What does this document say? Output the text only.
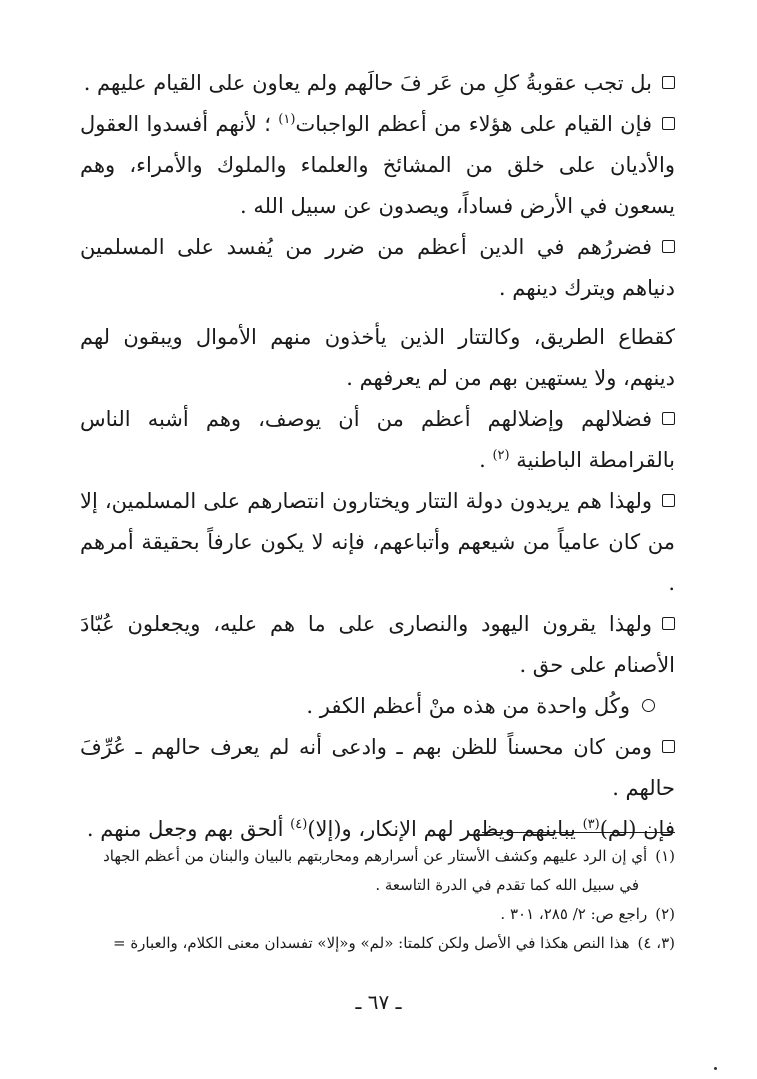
بل تجب عقوبةُ كلِ من عَر فَ حالَهم ولم يعاون على القيام عليهم .

فإن القيام على هؤلاء من أعظم الواجبات$^{(١)}$ ؛ لأنهم أفسدوا العقول والأديان على خلق من المشائخ والعلماء والملوك والأمراء، وهم يسعون في الأرض فساداً، ويصدون عن سبيل الله .

فضررُهم في الدين أعظم من ضرر من يُفسد على المسلمين دنياهم ويترك دينهم .

كقطاع الطريق، وكالتتار الذين يأخذون منهم الأموال ويبقون لهم دينهم، ولا يستهين بهم من لم يعرفهم .

فضلالهم وإضلالهم أعظم من أن يوصف، وهم أشبه الناس بالقرامطة الباطنية $^{(٢)}$ .

ولهذا هم يريدون دولة التتار ويختارون انتصارهم على المسلمين، إلا من كان عامياً من شيعهم وأتباعهم، فإنه لا يكون عارفاً بحقيقة أمرهم .

ولهذا يقرون اليهود والنصارى على ما هم عليه، ويجعلون عُبّادَ الأصنام على حق .

وكُل واحدة من هذه منْ أعظم الكفر .

ومن كان محسناً للظن بهم ـ وادعى أنه لم يعرف حالهم ـ عُرِّفَ حالهم .

فإن (لم)$^{(٣)}$ يباينهم ويظهر لهم الإنكار، و(إلا)$^{(٤)}$ ألحق بهم وجعل منهم .

(١)أي إن الرد عليهم وكشف الأستار عن أسرارهم ومحاربتهم بالبيان والبنان من أعظم الجهاد

في سبيل الله كما تقدم في الدرة التاسعة .

(٢)راجع ص: ٢/ ٢٨٥، ٣٠١ .

(٣، ٤)هذا النص هكذا في الأصل ولكن كلمتا: «لم» و«إلا» تفسدان معنى الكلام، والعبارة =

ـ ٦٧ ـ
